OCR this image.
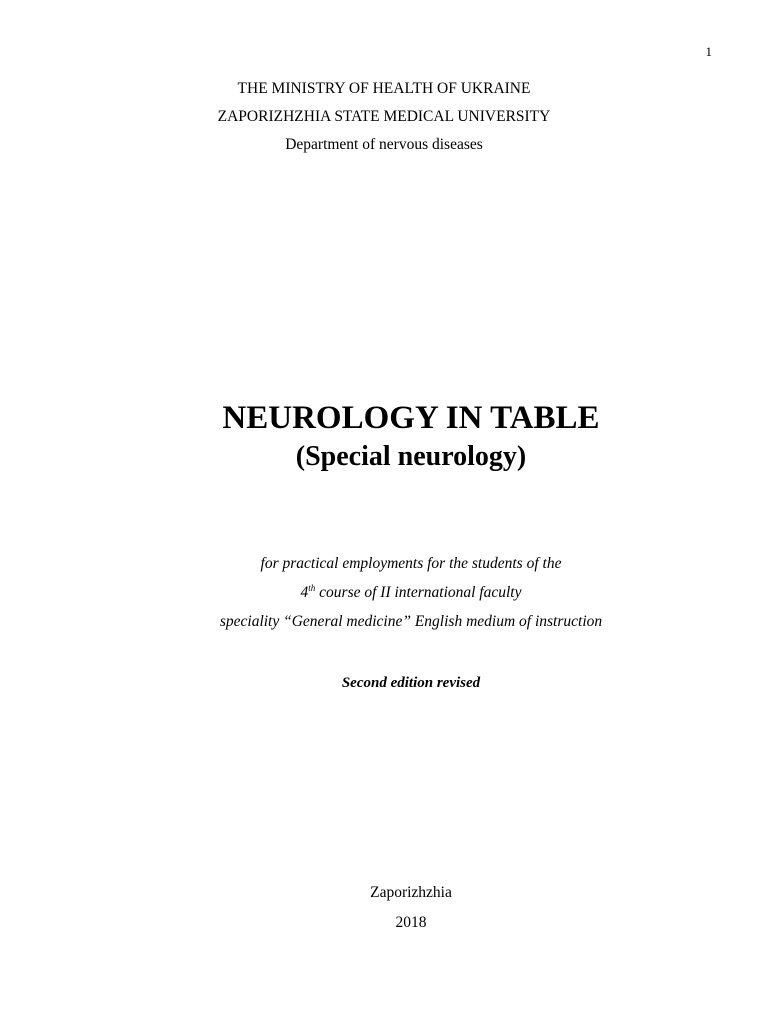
1
THE MINISTRY OF HEALTH OF UKRAINE
ZAPORIZHZHIA STATE MEDICAL UNIVERSITY
Department of nervous diseases
NEUROLOGY IN TABLE
(Special neurology)
for practical employments for the students of the
4th course of II international faculty
speciality “General medicine” English medium of instruction
Second edition revised
Zaporizhzhia
2018
